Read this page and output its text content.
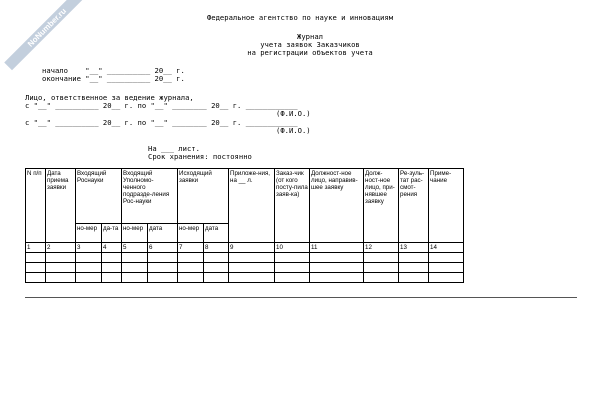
NoNumber.ru	Федеральное агентство по науке и инновациям
Журнал
учета заявок Заказчиков
на регистрации объектов учета
начало    "__" __________ 20__ г.
окончание "__" __________ 20__ г.
Лицо, ответственное за ведение журнала,
с "__" __________ 20__ г. по "__" ________ 20__ г. ____________
(Ф.И.О.)
с "__" __________ 20__ г. по "__" ________ 20__ г. ____________
(Ф.И.О.)
На ___ лист.
Срок хранения: постоянно
N п/п	Дата приема заявки	Входящий Роснауки		Входящий Уполномо-ченного подразде-ления Рос-науки		Исходящий заявки		Приложе-ния, на __ л.	Заказ-чик (от кого посту-пила заяв-ка)	Должност-ное лицо, направив-шее заявку	Долж-ност-ное лицо, при-нявшее заявку	Ре-зуль-тат рас-смот-рения	Приме-чание
		но-мер	да-та	но-мер	дата	но-мер	дата						
1	2	3	4	5	6	7	8	9	10	11	12	13	14
